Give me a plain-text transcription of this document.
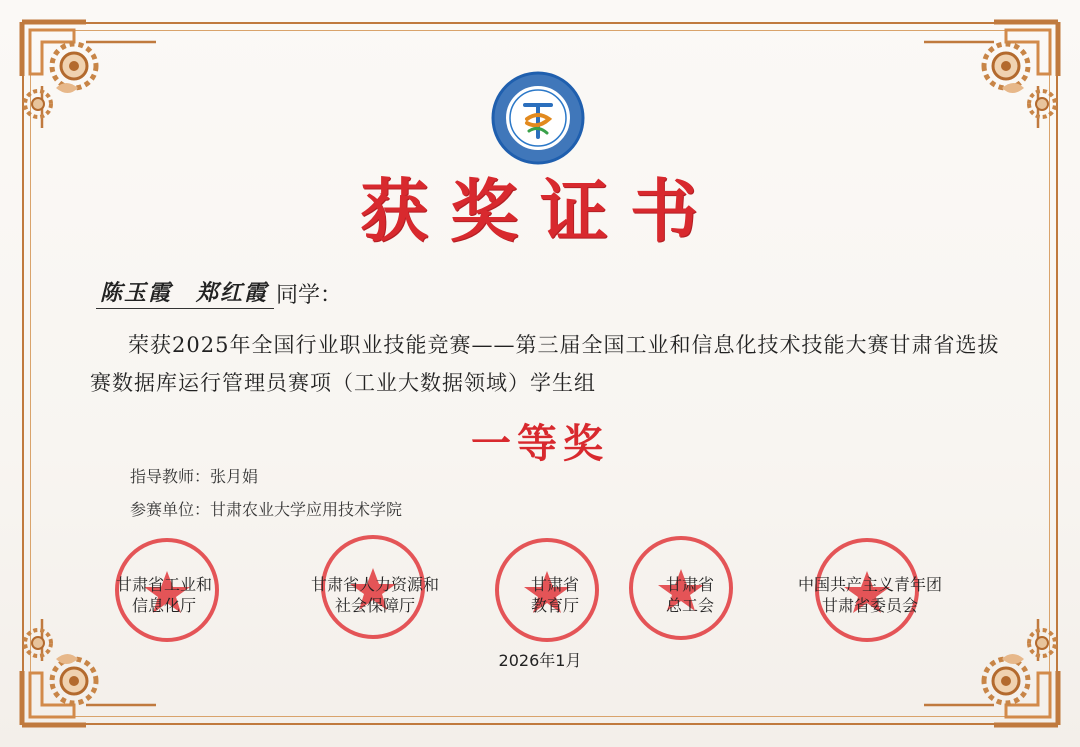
获奖证书
陈玉霞　郑红霞 同学：
荣获2025年全国行业职业技能竞赛——第三届全国工业和信息化技术技能大赛甘肃省选拔赛数据库运行管理员赛项（工业大数据领域）学生组
一等奖
指导教师：张月娟
参赛单位：甘肃农业大学应用技术学院
甘肃省工业和
信息化厅
甘肃省人力资源和
社会保障厅
甘肃省
教育厅
甘肃省
总工会
中国共产主义青年团
甘肃省委员会
2026年1月
